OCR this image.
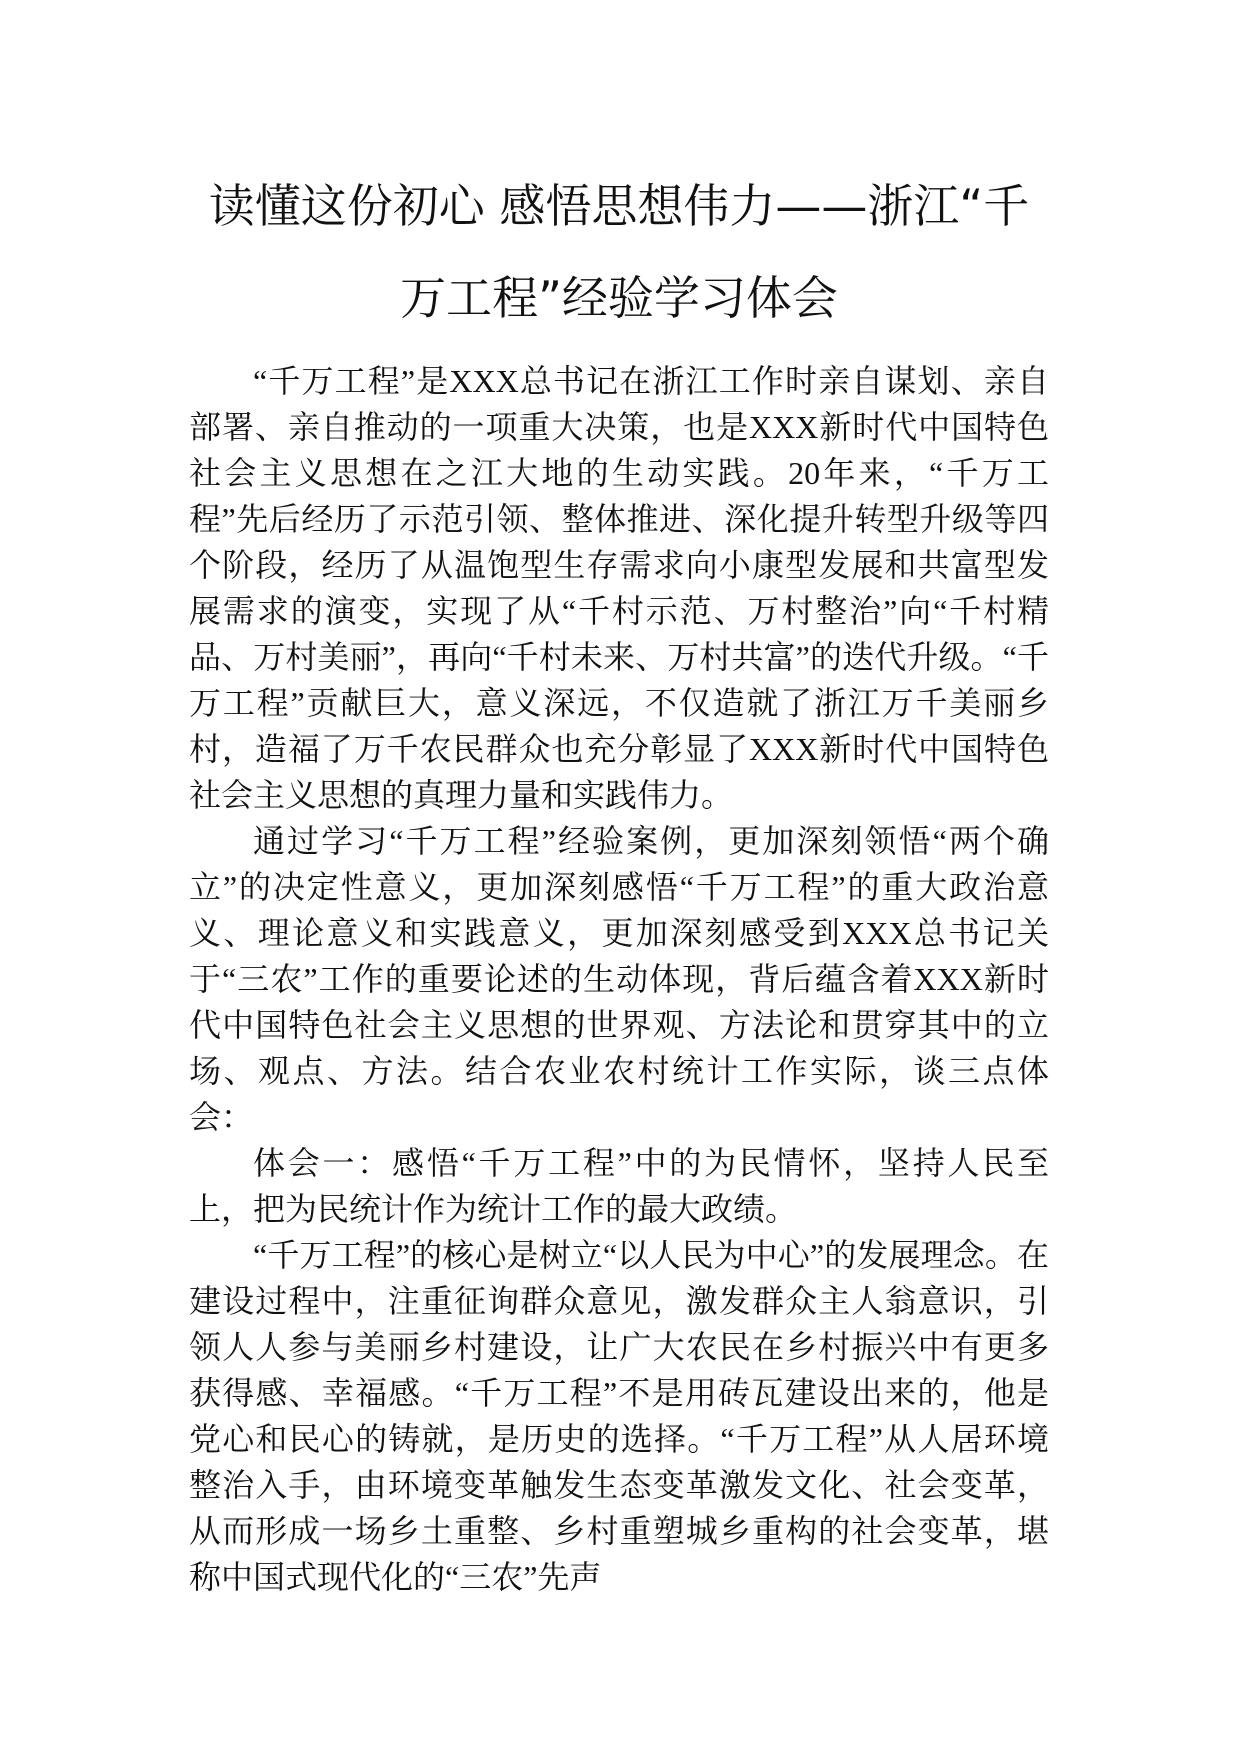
读懂这份初心 感悟思想伟力——浙江“千万工程”经验学习体会

“千万工程”是XXX总书记在浙江工作时亲自谋划、亲自部署、亲自推动的一项重大决策，也是XXX新时代中国特色社会主义思想在之江大地的生动实践。20年来，“千万工程”先后经历了示范引领、整体推进、深化提升转型升级等四个阶段，经历了从温饱型生存需求向小康型发展和共富型发展需求的演变，实现了从“千村示范、万村整治”向“千村精品、万村美丽”，再向“千村未来、万村共富”的迭代升级。“千万工程”贡献巨大，意义深远，不仅造就了浙江万千美丽乡村，造福了万千农民群众也充分彰显了XXX新时代中国特色社会主义思想的真理力量和实践伟力。

通过学习“千万工程”经验案例，更加深刻领悟“两个确立”的决定性意义，更加深刻感悟“千万工程”的重大政治意义、理论意义和实践意义，更加深刻感受到XXX总书记关于“三农”工作的重要论述的生动体现，背后蕴含着XXX新时代中国特色社会主义思想的世界观、方法论和贯穿其中的立场、观点、方法。结合农业农村统计工作实际，谈三点体会：

体会一：感悟“千万工程”中的为民情怀，坚持人民至上，把为民统计作为统计工作的最大政绩。

“千万工程”的核心是树立“以人民为中心”的发展理念。在建设过程中，注重征询群众意见，激发群众主人翁意识，引领人人参与美丽乡村建设，让广大农民在乡村振兴中有更多获得感、幸福感。“千万工程”不是用砖瓦建设出来的，他是党心和民心的铸就，是历史的选择。“千万工程”从人居环境整治入手，由环境变革触发生态变革激发文化、社会变革，从而形成一场乡土重整、乡村重塑城乡重构的社会变革，堪称中国式现代化的“三农”先声
